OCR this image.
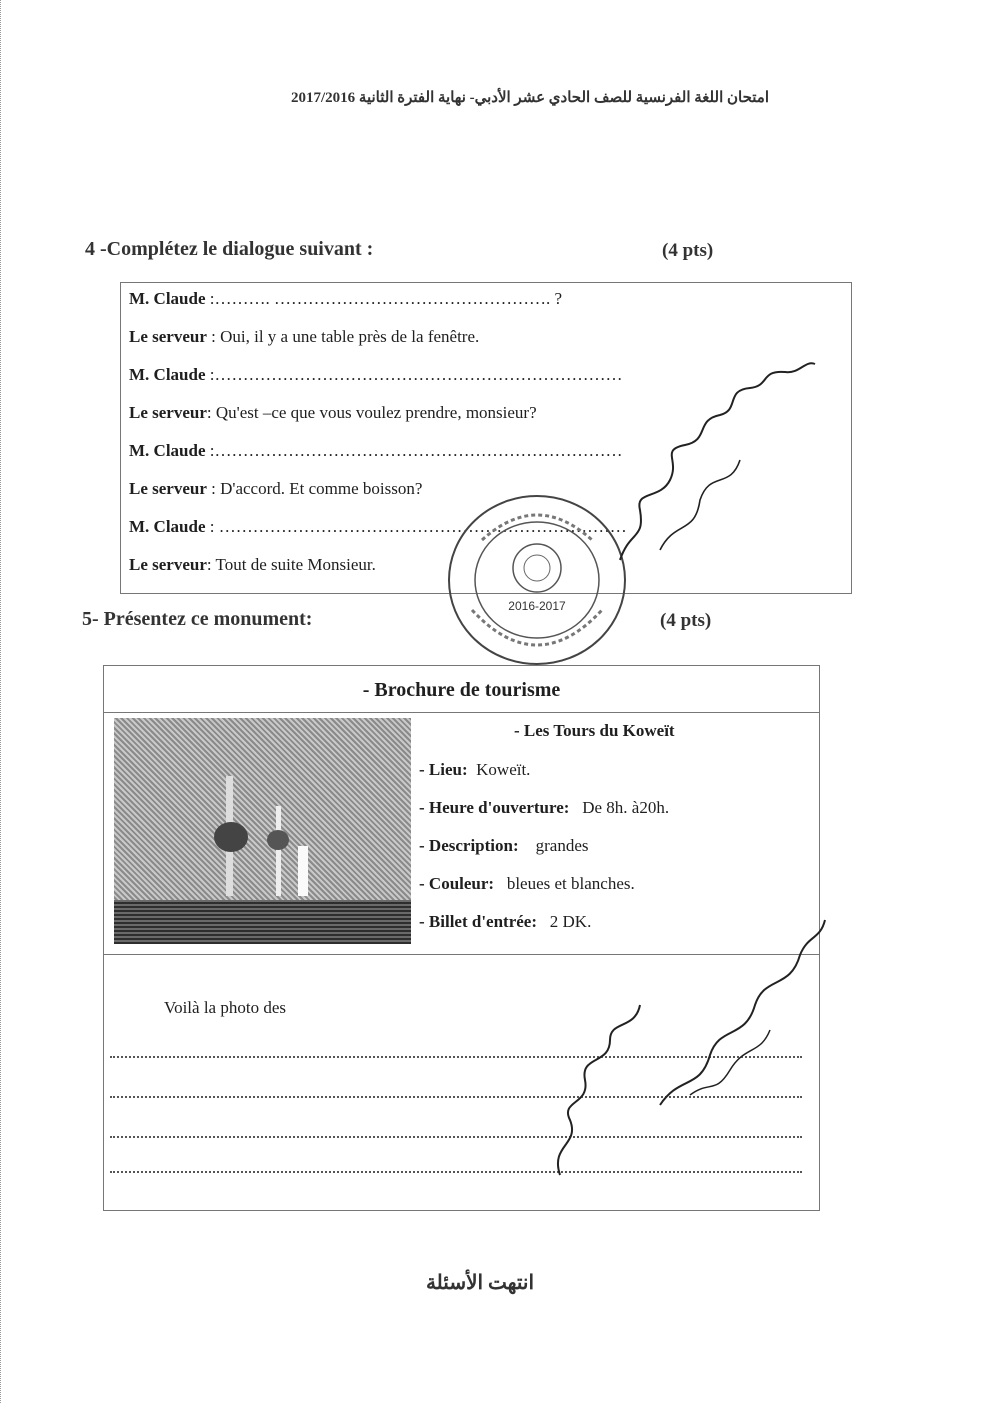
امتحان اللغة الفرنسية للصف الحادي عشر الأدبي- نهاية الفترة الثانية 2017/2016
4 -Complétez le dialogue suivant :	(4 pts)
M. Claude :………. …………………………………………. ?
Le serveur : Oui, il y a une table près de la fenêtre.
M. Claude :………………………………………………………………
Le serveur: Qu'est –ce que vous voulez prendre, monsieur?
M. Claude :………………………………………………………………
Le serveur : D'accord. Et comme boisson?
M. Claude : ………………………………………………………………
Le serveur: Tout de suite Monsieur.
5- Présentez ce monument:	(4 pts)
- Brochure de tourisme
- Les Tours du Koweït
- Lieu: Koweït.
- Heure d'ouverture: De 8h. à20h.
- Description: grandes
- Couleur: bleues et blanches.
- Billet d'entrée: 2 DK.
Voilà la photo des
2016-2017
انتهت الأسئلة
